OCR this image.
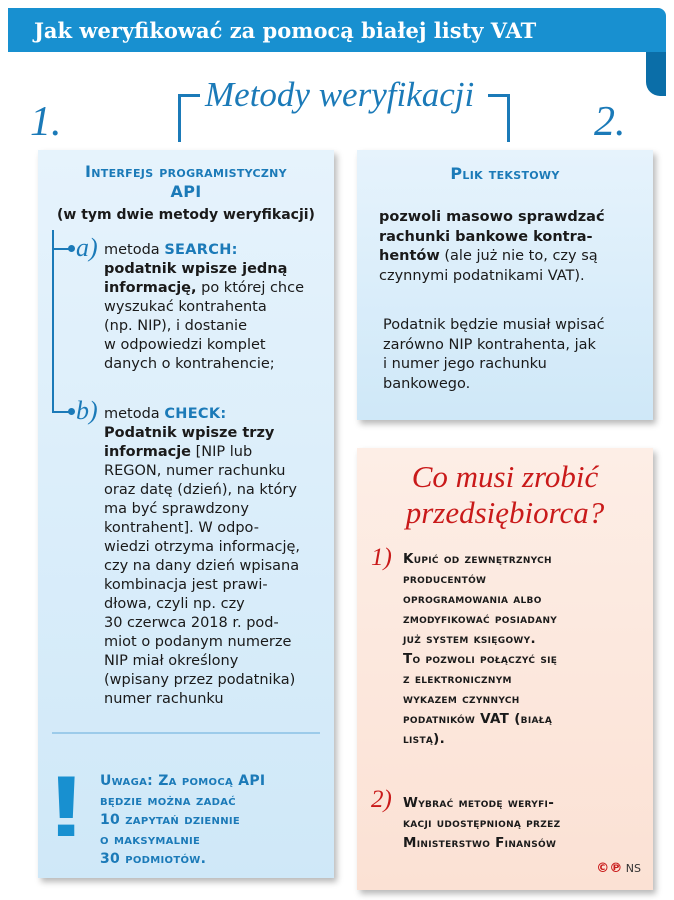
Jak weryfikować za pomocą białej listy VAT
Metody weryfikacji
1.	2.
Interfejs programistyczny
API
(w tym dwie metody weryfikacji)
a) metoda SEARCH:
podatnik wpisze jedną
informację, po której chce
wyszukać kontrahenta
(np. NIP), i dostanie
w odpowiedzi komplet
danych o kontrahencie;
b) metoda CHECK:
Podatnik wpisze trzy
informacje [NIP lub
REGON, numer rachunku
oraz datę (dzień), na który
ma być sprawdzony
kontrahent]. W odpo-
wiedzi otrzyma informację,
czy na dany dzień wpisana
kombinacja jest prawi-
dłowa, czyli np. czy
30 czerwca 2018 r. pod-
miot o podanym numerze
NIP miał określony
(wpisany przez podatnika)
numer rachunku
! Uwaga: Za pomocą API
będzie można zadać
10 zapytań dziennie
o maksymalnie
30 podmiotów.
Plik tekstowy
pozwoli masowo sprawdzać
rachunki bankowe kontra-
hentów (ale już nie to, czy są
czynnymi podatnikami VAT).
Podatnik będzie musiał wpisać
zarówno NIP kontrahenta, jak
i numer jego rachunku
bankowego.
Co musi zrobić
przedsiębiorca?
1) Kupić od zewnętrznych
producentów
oprogramowania albo
zmodyfikować posiadany
już system księgowy.
To pozwoli połączyć się
z elektronicznym
wykazem czynnych
podatników VAT (białą
listą).
2) Wybrać metodę weryfi-
kacji udostępnioną przez
Ministerstwo Finansów
©℗ NS
